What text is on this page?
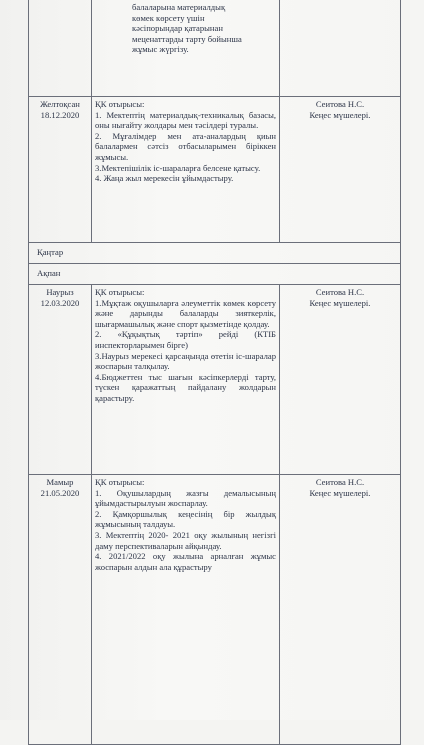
	балаларына материалдық
көмек көрсету үшін
кәсіпорындар қатарынан
меценаттарды тарту бойынша
жұмыс жүргізу.	

Желтоқсан
18.12.2020	ҚК отырысы:
1. Мектептің материалдық-техникалық базасы, оны нығайту жолдары мен тәсілдері туралы.
2. Мұғалімдер мен ата-аналардың қиын балалармен сәтсіз отбасыларымен біріккен жұмысы.
3.Мектепішілік іс-шараларға белсене қатысу.
4. Жаңа жыл мерекесін ұйымдастыру.	Сеитова Н.С.
Кеңес мүшелері.

Қаңтар		
Ақпан		

Наурыз
12.03.2020	ҚК отырысы:
1.Мұқтаж оқушыларға әлеуметтік көмек көрсету және дарынды балаларды зияткерлік, шығармашылық және спорт қызметінде қолдау.
2. «Құқықтық тәртіп» рейді (КТІБ инспекторларымен бірге)
3.Наурыз мерекесі қарсаңында өтетін іс-шаралар жоспарын талқылау.
4.Бюджеттен тыс шағын кәсіпкерлерді тарту, түскен қаражаттың пайдалану жолдарын қарастыру.	Сеитова Н.С.
Кеңес мүшелері.

Мамыр
21.05.2020	ҚК отырысы:
1. Оқушылардың жазғы демалысының ұйымдастырылуын жоспарлау.
2. Қамқоршылық кеңесінің бір жылдық жұмысының талдауы.
3. Мектептің 2020- 2021 оқу жылының негізгі даму перспективаларын айқындау.
4. 2021/2022 оқу жылына арналған жұмыс жоспарын алдын ала құрастыру	Сеитова Н.С.
Кеңес мүшелері.
